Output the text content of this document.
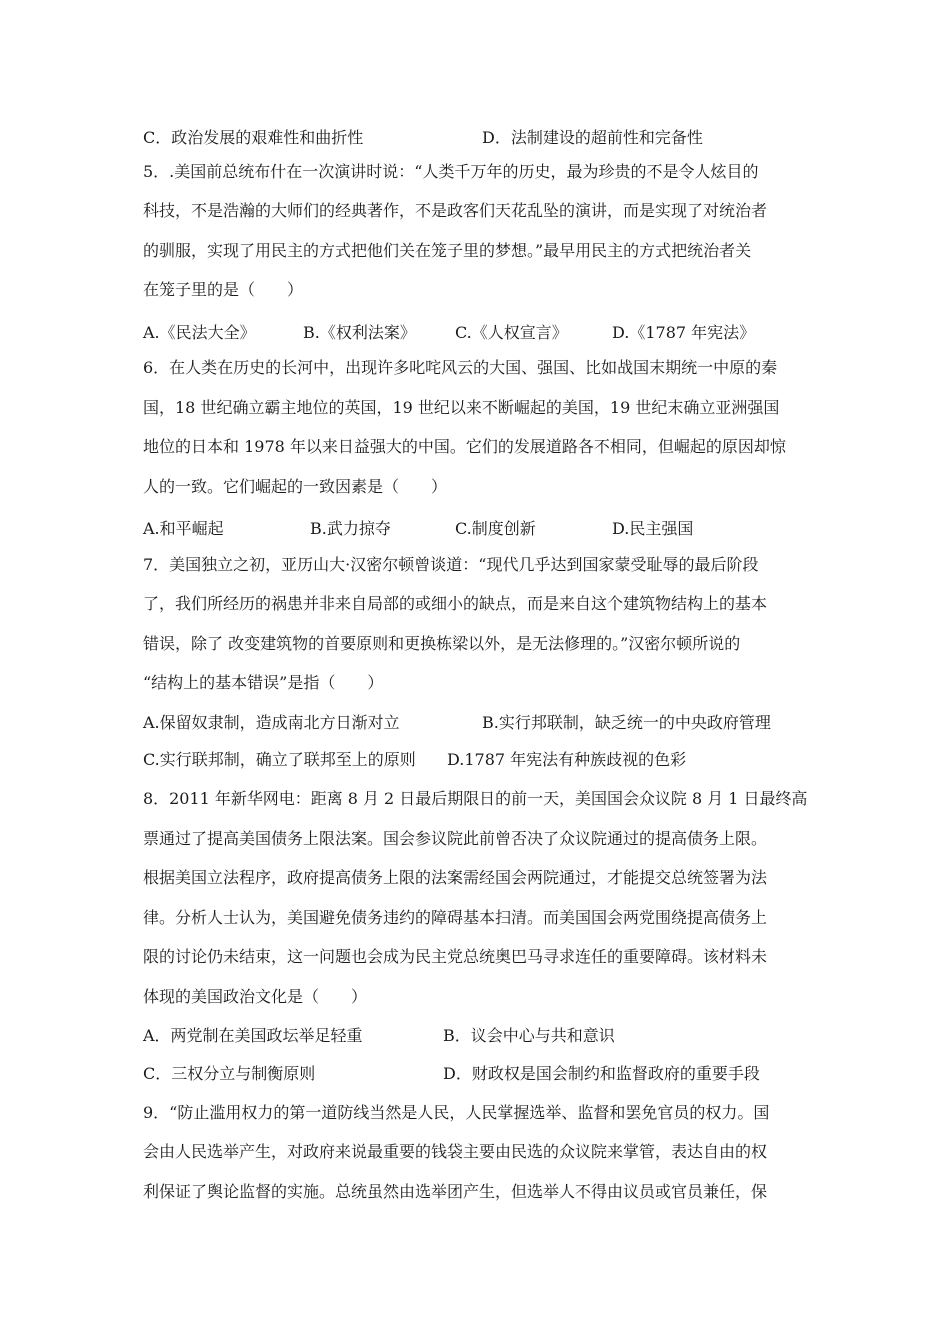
C．政治发展的艰难性和曲折性	D．法制建设的超前性和完备性
5．.美国前总统布什在一次演讲时说：“人类千万年的历史，最为珍贵的不是令人炫目的
科技，不是浩瀚的大师们的经典著作，不是政客们天花乱坠的演讲，而是实现了对统治者
的驯服，实现了用民主的方式把他们关在笼子里的梦想。”最早用民主的方式把统治者关
在笼子里的是（　　）
A.《民法大全》	B.《权利法案》 C.《人权宣言》	D.《1787 年宪法》
6．在人类在历史的长河中，出现许多叱咤风云的大国、强国、比如战国末期统一中原的秦
国，18 世纪确立霸主地位的英国，19 世纪以来不断崛起的美国，19 世纪末确立亚洲强国
地位的日本和 1978 年以来日益强大的中国。它们的发展道路各不相同，但崛起的原因却惊
人的一致。它们崛起的一致因素是（　　）
A.和平崛起	B.武力掠夺	C.制度创新	D.民主强国
7．美国独立之初，亚历山大·汉密尔顿曾谈道：“现代几乎达到国家蒙受耻辱的最后阶段
了，我们所经历的祸患并非来自局部的或细小的缺点，而是来自这个建筑物结构上的基本
错误，除了 改变建筑物的首要原则和更换栋梁以外，是无法修理的。”汉密尔顿所说的
“结构上的基本错误”是指（　　）
A.保留奴隶制，造成南北方日渐对立	B.实行邦联制，缺乏统一的中央政府管理
C.实行联邦制，确立了联邦至上的原则 D.1787 年宪法有种族歧视的色彩
8．2011 年新华网电：距离 8 月 2 日最后期限日的前一天，美国国会众议院 8 月 1 日最终高
票通过了提高美国债务上限法案。国会参议院此前曾否决了众议院通过的提高债务上限。
根据美国立法程序，政府提高债务上限的法案需经国会两院通过，才能提交总统签署为法
律。分析人士认为，美国避免债务违约的障碍基本扫清。而美国国会两党围绕提高债务上
限的讨论仍未结束，这一问题也会成为民主党总统奥巴马寻求连任的重要障碍。该材料未
体现的美国政治文化是（　　）
A．两党制在美国政坛举足轻重	B．议会中心与共和意识
C．三权分立与制衡原则	D．财政权是国会制约和监督政府的重要手段
9．“防止滥用权力的第一道防线当然是人民，人民掌握选举、监督和罢免官员的权力。国
会由人民选举产生，对政府来说最重要的钱袋主要由民选的众议院来掌管，表达自由的权
利保证了舆论监督的实施。总统虽然由选举团产生，但选举人不得由议员或官员兼任，保
